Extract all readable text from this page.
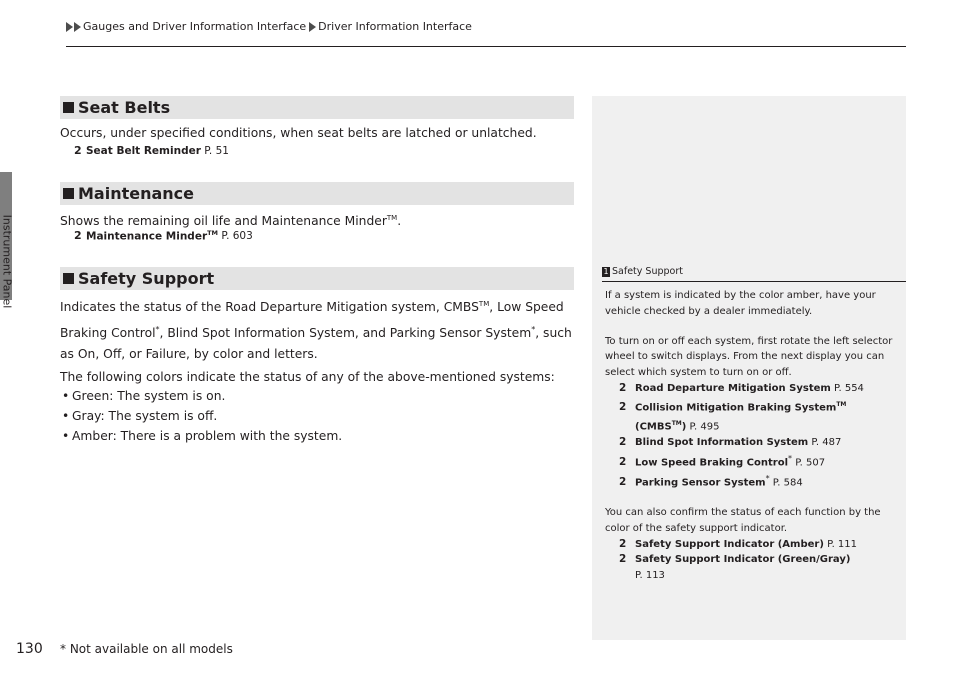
Gauges and Driver Information Interface Driver Information Interface
Instrument Panel
Seat Belts
Occurs, under specified conditions, when seat belts are latched or unlatched.
2 Seat Belt Reminder
P. 51
Maintenance
Shows the remaining oil life and Maintenance Minder™.
2 Maintenance Minder™
P. 603
Safety Support
Indicates the status of the Road Departure Mitigation system, CMBS™, Low Speed Braking Control*, Blind Spot Information System, and Parking Sensor System*, such as On, Off, or Failure, by color and letters.
The following colors indicate the status of any of the above-mentioned systems:
• Green: The system is on.
• Gray: The system is off.
• Amber: There is a problem with the system.
1 Safety Support

If a system is indicated by the color amber, have your vehicle checked by a dealer immediately.

To turn on or off each system, first rotate the left selector wheel to switch displays. From the next display you can select which system to turn on or off.

2 Road Departure Mitigation System P. 554
2 Collision Mitigation Braking System™
(CMBS™) P. 495
2 Blind Spot Information System P. 487
2 Low Speed Braking Control* P. 507
2 Parking Sensor System* P. 584

You can also confirm the status of each function by the color of the safety support indicator.

2 Safety Support Indicator (Amber) P. 111
2 Safety Support Indicator (Green/Gray)
P. 113
130 * Not available on all models
